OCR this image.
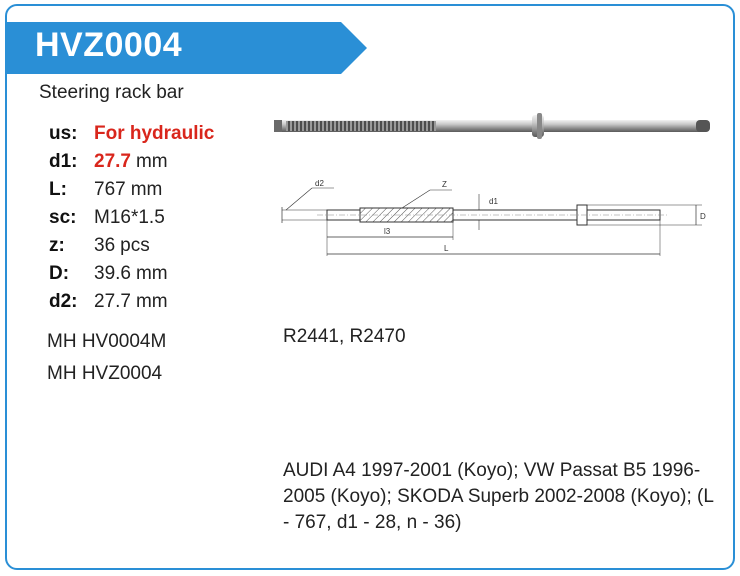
HVZ0004
Steering rack bar
us: For hydraulic
d1: 27.7 mm
L:	767 mm
sc: M16*1.5
z:	36 pcs
D:	39.6 mm
d2: 27.7 mm
MH HV0004M
MH HVZ0004
R2441, R2470
AUDI A4 1997-2001 (Koyo); VW Passat B5 1996-2005 (Koyo); SKODA Superb 2002-2008 (Koyo); (L - 767, d1 - 28, n - 36)
d2	Z
d1
D
l3
L
